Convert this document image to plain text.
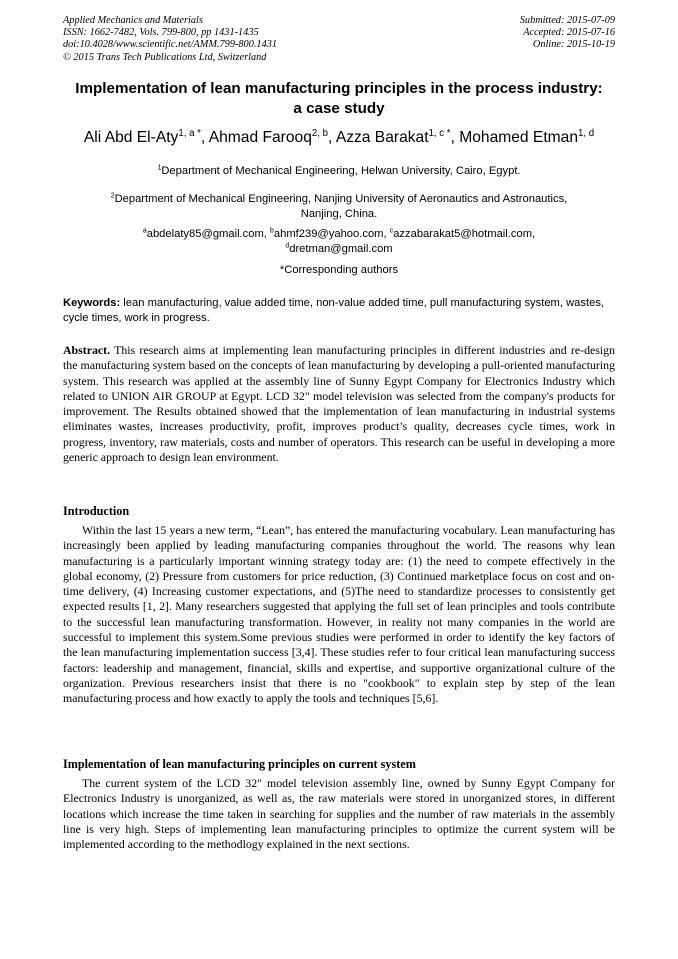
Applied Mechanics and Materials
ISSN: 1662-7482, Vols. 799-800, pp 1431-1435
doi:10.4028/www.scientific.net/AMM.799-800.1431
© 2015 Trans Tech Publications Ltd, Switzerland
Submitted: 2015-07-09
Accepted: 2015-07-16
Online: 2015-10-19
Implementation of lean manufacturing principles in the process industry:
a case study
Ali Abd El-Aty$^{1, a *}$, Ahmad Farooq$^{2, b}$, Azza Barakat$^{1, c *}$, Mohamed Etman$^{1, d}$
$^1$Department of Mechanical Engineering, Helwan University, Cairo, Egypt.
$^2$Department of Mechanical Engineering, Nanjing University of Aeronautics and Astronautics,
Nanjing, China.
$^a$abdelaty85@gmail.com, $^b$ahmf239@yahoo.com, $^c$azzabarakat5@hotmail.com,
$^d$dretman@gmail.com
*Corresponding authors
Keywords: lean manufacturing, value added time, non-value added time, pull manufacturing system, wastes, cycle times, work in progress.
Abstract. This research aims at implementing lean manufacturing principles in different industries and re-design the manufacturing system based on the concepts of lean manufacturing by developing a pull-oriented manufacturing system. This research was applied at the assembly line of Sunny Egypt Company for Electronics Industry which related to UNION AIR GROUP at Egypt. LCD 32" model television was selected from the company's products for improvement. The Results obtained showed that the implementation of lean manufacturing in industrial systems eliminates wastes, increases productivity, profit, improves product’s quality, decreases cycle times, work in progress, inventory, raw materials, costs and number of operators. This research can be useful in developing a more generic approach to design lean environment.
Introduction
Within the last 15 years a new term, “Lean”, has entered the manufacturing vocabulary. Lean manufacturing has increasingly been applied by leading manufacturing companies throughout the world. The reasons why lean manufacturing is a particularly important winning strategy today are: (1) the need to compete effectively in the global economy, (2) Pressure from customers for price reduction, (3) Continued marketplace focus on cost and on-time delivery, (4) Increasing customer expectations, and (5)The need to standardize processes to consistently get expected results [1, 2]. Many researchers suggested that applying the full set of lean principles and tools contribute to the successful lean manufacturing transformation. However, in reality not many companies in the world are successful to implement this system.Some previous studies were performed in order to identify the key factors of the lean manufacturing implementation success [3,4]. These studies refer to four critical lean manufacturing success factors: leadership and management, financial, skills and expertise, and supportive organizational culture of the organization. Previous researchers insist that there is no "cookbook" to explain step by step of the lean manufacturing process and how exactly to apply the tools and techniques [5,6].
Implementation of lean manufacturing principles on current system
The current system of the LCD 32" model television assembly line, owned by Sunny Egypt Company for Electronics Industry is unorganized, as well as, the raw materials were stored in unorganized stores, in different locations which increase the time taken in searching for supplies and the number of raw materials in the assembly line is very high. Steps of implementing lean manufacturing principles to optimize the current system will be implemented according to the methodlogy explained in the next sections.
